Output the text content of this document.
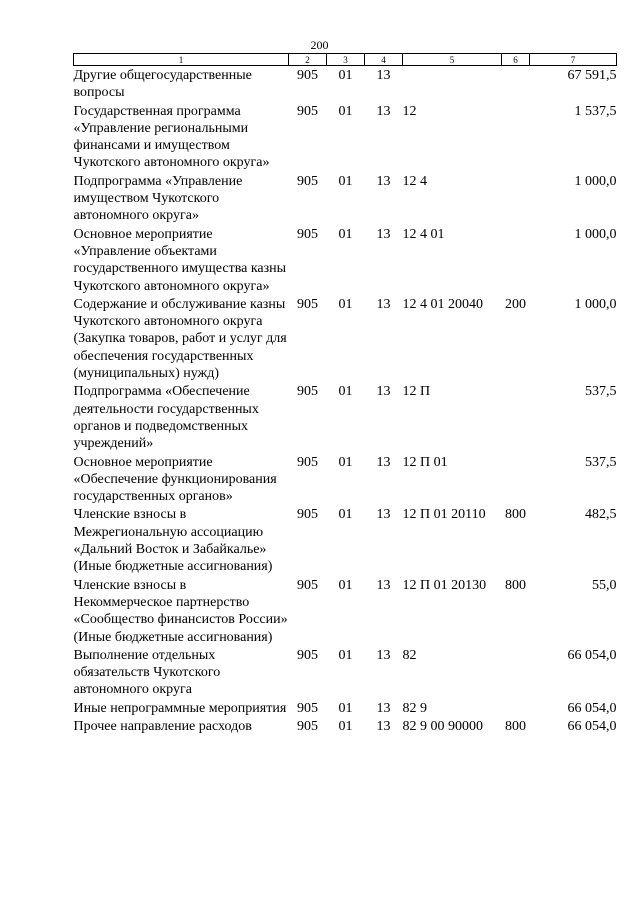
200
1	2	3	4	5	6	7
Другие общегосударственные вопросы	905	01	13			67 591,5
Государственная программа «Управление региональными финансами и имуществом Чукотского автономного округа»	905	01	13	12		1 537,5
Подпрограмма «Управление имуществом Чукотского автономного округа»	905	01	13	12 4		1 000,0
Основное мероприятие «Управление объектами государственного имущества казны Чукотского автономного округа»	905	01	13	12 4 01		1 000,0
Содержание и обслуживание казны Чукотского автономного округа (Закупка товаров, работ и услуг для обеспечения государственных (муниципальных) нужд)	905	01	13	12 4 01 20040	200	1 000,0
Подпрограмма «Обеспечение деятельности государственных органов и подведомственных учреждений»	905	01	13	12 П		537,5
Основное мероприятие «Обеспечение функционирования государственных органов»	905	01	13	12 П 01		537,5
Членские взносы в Межрегиональную ассоциацию «Дальний Восток и Забайкалье» (Иные бюджетные ассигнования)	905	01	13	12 П 01 20110	800	482,5
Членские взносы в Некоммерческое партнерство «Сообщество финансистов России» (Иные бюджетные ассигнования)	905	01	13	12 П 01 20130	800	55,0
Выполнение отдельных обязательств Чукотского автономного округа	905	01	13	82		66 054,0
Иные непрограммные мероприятия	905	01	13	82 9		66 054,0
Прочее направление расходов	905	01	13	82 9 00 90000	800	66 054,0
